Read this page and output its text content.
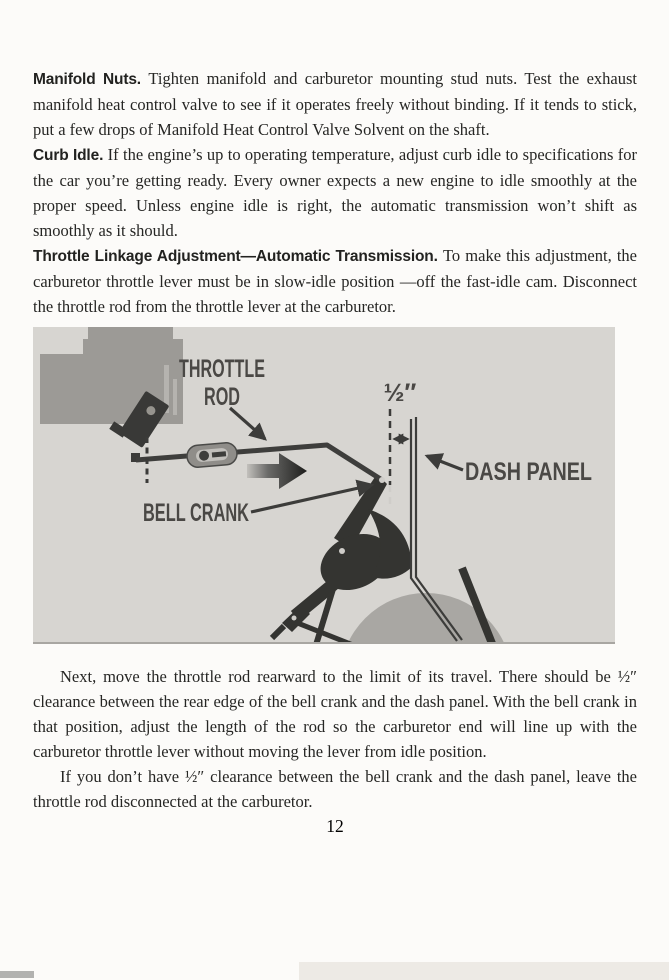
Manifold Nuts. Tighten manifold and carburetor mounting stud nuts. Test the exhaust manifold heat control valve to see if it operates freely without binding. If it tends to stick, put a few drops of Manifold Heat Control Valve Solvent on the shaft.

Curb Idle. If the engine’s up to operating temperature, adjust curb idle to specifications for the car you’re getting ready. Every owner expects a new engine to idle smoothly at the proper speed. Unless engine idle is right, the automatic transmission won’t shift as smoothly as it should.

Throttle Linkage Adjustment—Automatic Transmission. To make this adjustment, the carburetor throttle lever must be in slow-idle position —off the fast-idle cam. Disconnect the throttle rod from the throttle lever at the carburetor.

THROTTLE
ROD	½″
DASH PANEL
BELL CRANK

Next, move the throttle rod rearward to the limit of its travel. There should be ½″ clearance between the rear edge of the bell crank and the dash panel. With the bell crank in that position, adjust the length of the rod so the carburetor end will line up with the carburetor throttle lever without moving the lever from idle position.

If you don’t have ½″ clearance between the bell crank and the dash panel, leave the throttle rod disconnected at the carburetor.

12
